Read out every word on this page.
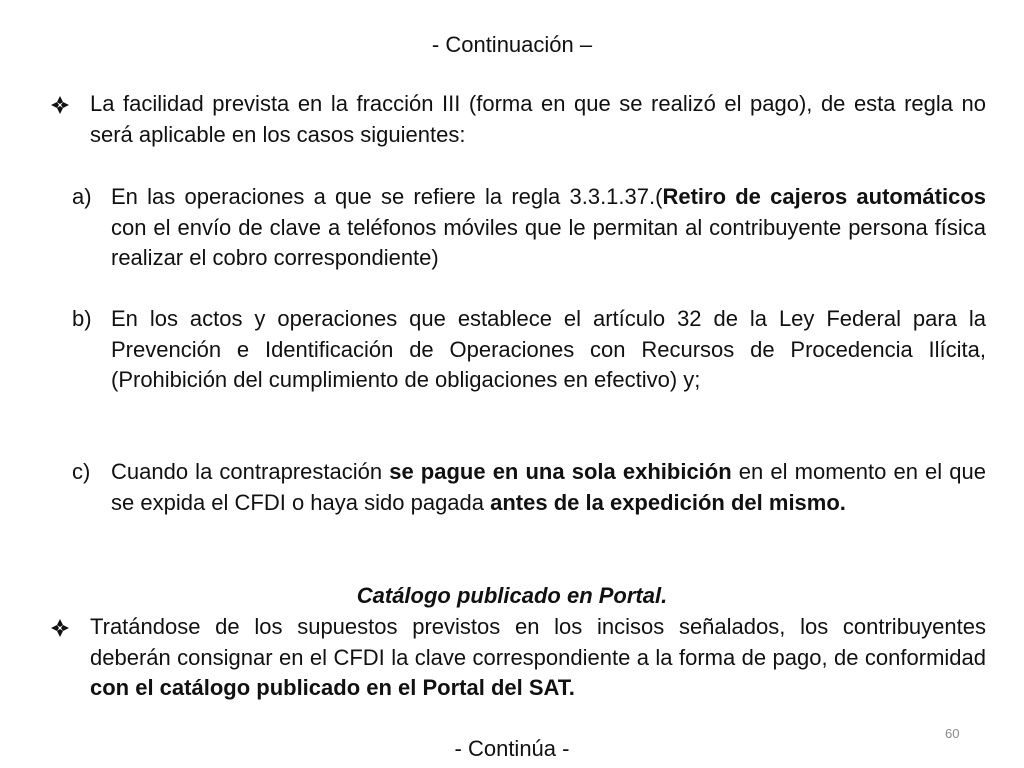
- Continuación –
La facilidad prevista en la fracción III (forma en que se realizó el pago), de esta regla no será aplicable en los casos siguientes:
a) En las operaciones a que se refiere la regla 3.3.1.37.(Retiro de cajeros automáticos con el envío de clave a teléfonos móviles que le permitan al contribuyente persona física realizar el cobro correspondiente)
b) En los actos y operaciones que establece el artículo 32 de la Ley Federal para la Prevención e Identificación de Operaciones con Recursos de Procedencia Ilícita, (Prohibición del cumplimiento de obligaciones en efectivo) y;
c) Cuando la contraprestación se pague en una sola exhibición en el momento en el que se expida el CFDI o haya sido pagada antes de la expedición del mismo.
Catálogo publicado en Portal.
Tratándose de los supuestos previstos en los incisos señalados, los contribuyentes deberán consignar en el CFDI la clave correspondiente a la forma de pago, de conformidad con el catálogo publicado en el Portal del SAT.
- Continúa -
60
